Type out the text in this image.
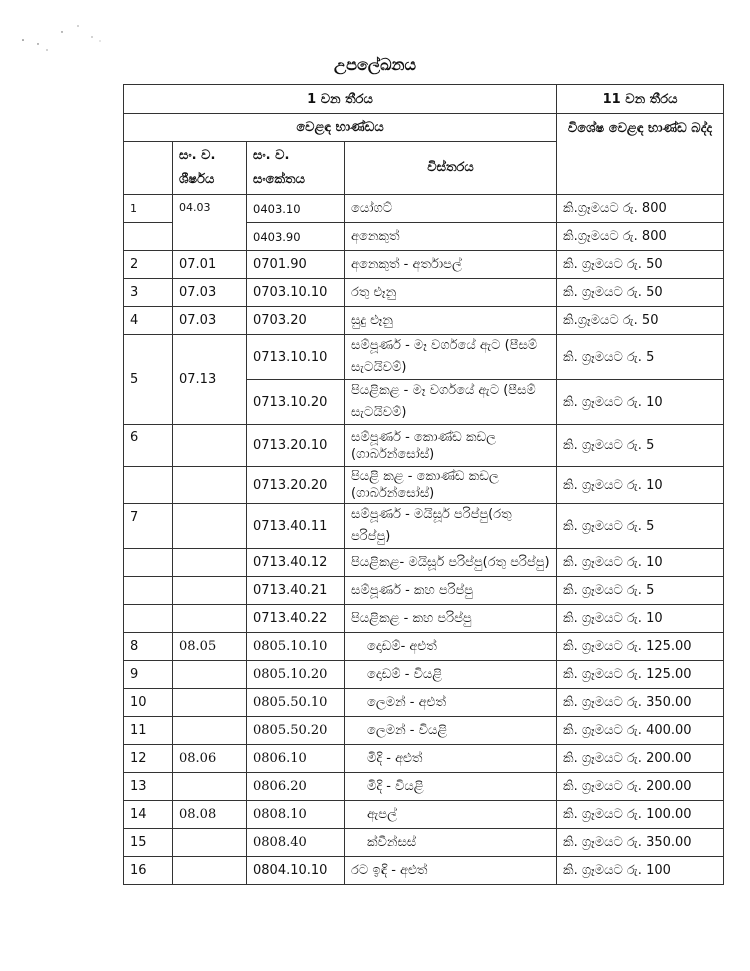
උපලේඛනය
1 වන තීරය				11 වන තීරය
වෙළඳ භාණ්ඩය				විශේෂ වෙළඳ භාණ්ඩ බද්ද
	සං. ව. ශීර්ෂය	සං. ව. සංකේතය	විස්තරය	
1	04.03	0403.10	යෝගට්	කි.ග්‍රෑමයට රු. 800
		0403.90	අනෙකුත්	කි.ග්‍රෑමයට රු. 800
2	07.01	0701.90	අනෙකුත් - අර්තාපල්	කි. ග්‍රෑමයට රු. 50
3	07.03	0703.10.10	රතු ළූනු	කි. ග්‍රෑමයට රු. 50
4	07.03	0703.20	සුදු ළූනු	කි.ග්‍රෑමයට රු. 50
5	07.13	0713.10.10	සම්පූර්ණ - මෑ වර්ගයේ ඇට (පීසම් සැටයිවම්)	කි. ග්‍රෑමයට රු. 5
		0713.10.20	පියළිකළ - මෑ වර්ගයේ ඇට (පීසම් සැටයිවම්)	කි. ග්‍රෑමයට රු. 10
6		0713.20.10	සම්පූර්ණ - කොණ්ඩ කඩල (ගාර්බන්සෝස්)	කි. ග්‍රෑමයට රු. 5
		0713.20.20	පියළි කළ - කොණ්ඩ කඩල (ගාර්බන්සෝස්)	කි. ග්‍රෑමයට රු. 10
7		0713.40.11	සම්පූර්ණ - මයිසූර් පරිප්පු(රතු පරිප්පු)	කි. ග්‍රෑමයට රු. 5
		0713.40.12	පියළිකළ- මයිසූර් පරිප්පු(රතු පරිප්පු)	කි. ග්‍රෑමයට රු. 10
		0713.40.21	සම්පූර්ණ - කහ පරිප්පු	කි. ග්‍රෑමයට රු. 5
		0713.40.22	පියළිකළ - කහ පරිප්පු	කි. ග්‍රෑමයට රු. 10
8	08.05	0805.10.10	දොඩම්- අළුත්	කි. ග්‍රෑමයට රු. 125.00
9		0805.10.20	දොඩම් - වියළි	කි. ග්‍රෑමයට රු. 125.00
10		0805.50.10	ලෙමන් - අළුත්	කි. ග්‍රෑමයට රු. 350.00
11		0805.50.20	ලෙමන් - වියළි	කි. ග්‍රෑමයට රු. 400.00
12	08.06	0806.10	මිදි - අළුත්	කි. ග්‍රෑමයට රු. 200.00
13		0806.20	මිදි - වියළි	කි. ග්‍රෑමයට රු. 200.00
14	08.08	0808.10	ඇපල්	කි. ග්‍රෑමයට රු. 100.00
15		0808.40	ක්වීන්සස්	කි. ග්‍රෑමයට රු. 350.00
16		0804.10.10	රට ඉඳි - අළුත්	කි. ග්‍රෑමයට රු. 100
